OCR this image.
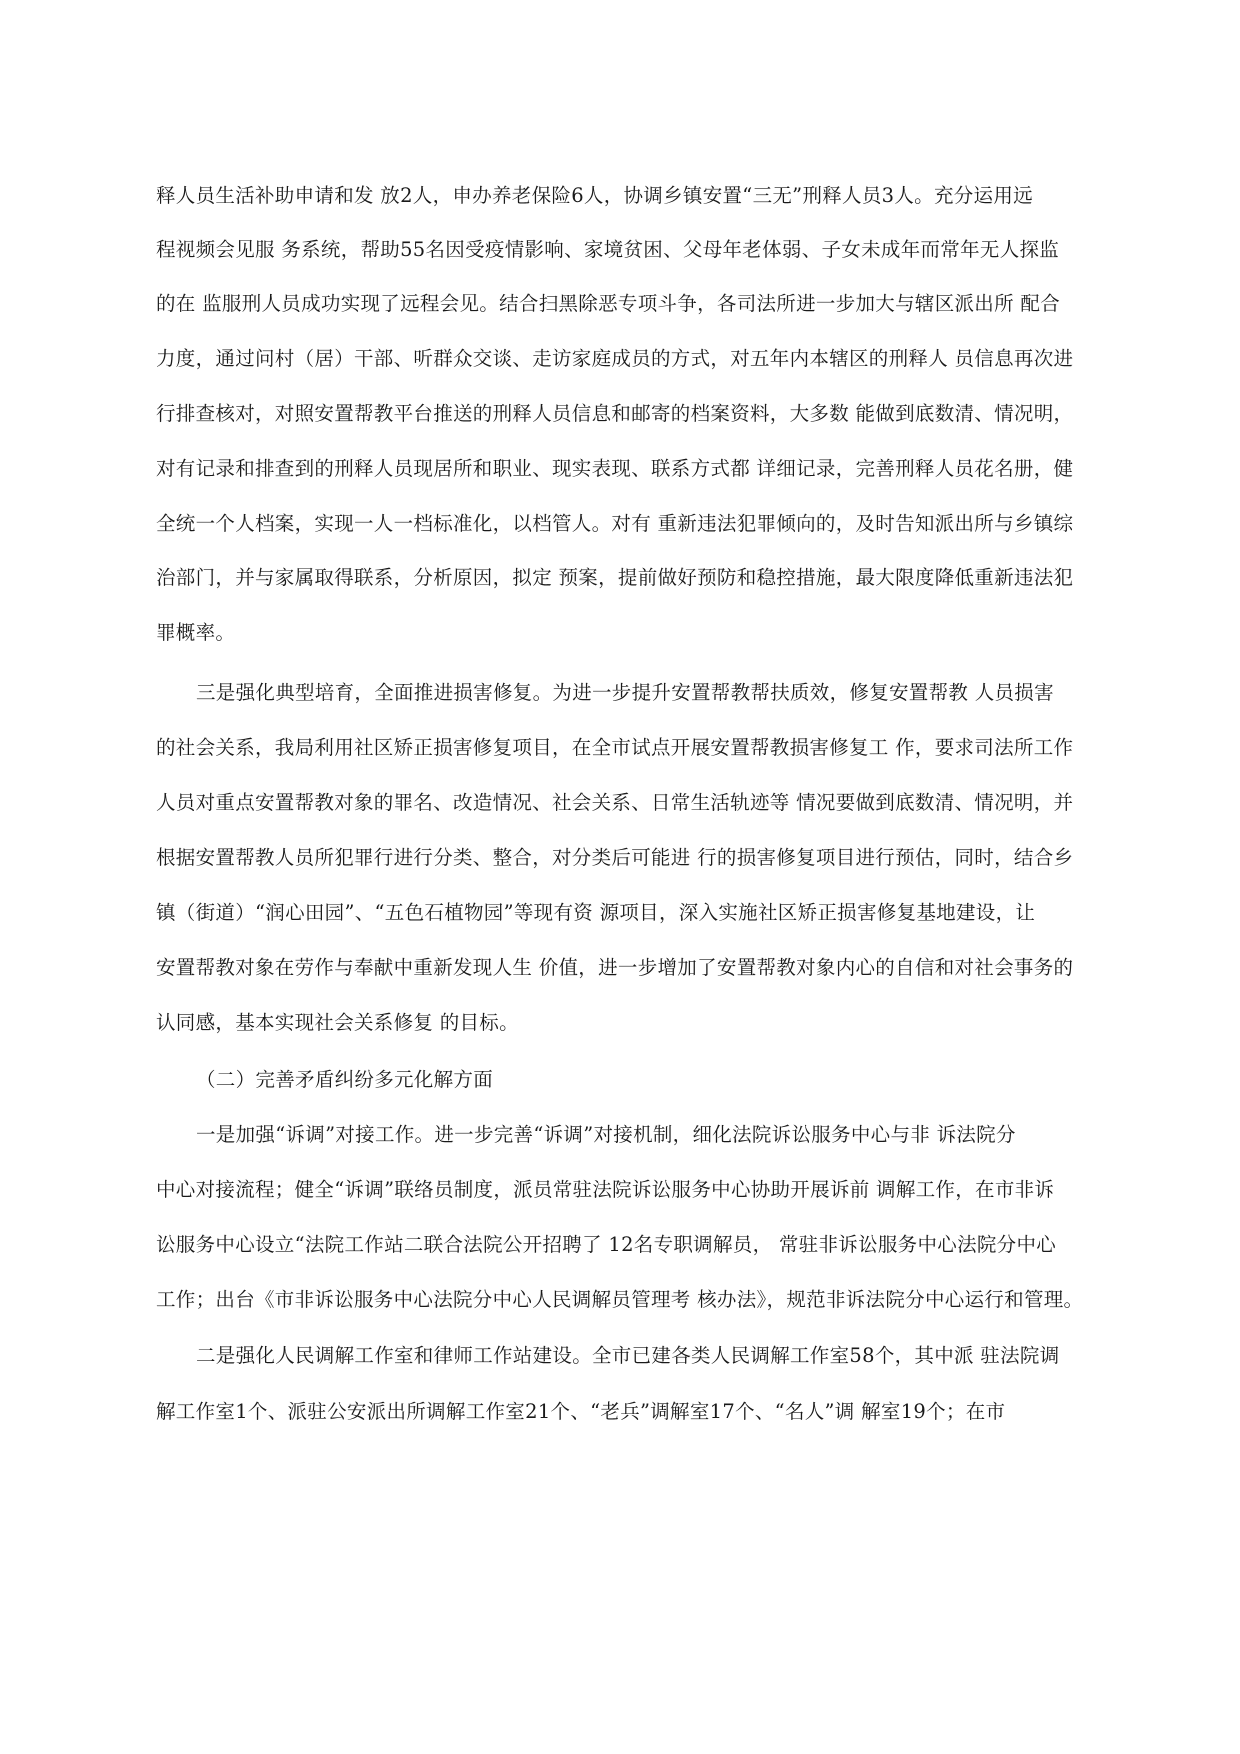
释人员生活补助申请和发 放2人，申办养老保险6人，协调乡镇安置“三无”刑释人员3人。充分运用远
程视频会见服 务系统，帮助55名因受疫情影响、家境贫困、父母年老体弱、子女未成年而常年无人探监
的在 监服刑人员成功实现了远程会见。结合扫黑除恶专项斗争，各司法所进一步加大与辖区派出所 配合
力度，通过问村（居）干部、听群众交谈、走访家庭成员的方式，对五年内本辖区的刑释人 员信息再次进
行排查核对，对照安置帮教平台推送的刑释人员信息和邮寄的档案资料，大多数 能做到底数清、情况明，
对有记录和排查到的刑释人员现居所和职业、现实表现、联系方式都 详细记录，完善刑释人员花名册，健
全统一个人档案，实现一人一档标准化，以档管人。对有 重新违法犯罪倾向的，及时告知派出所与乡镇综
治部门，并与家属取得联系，分析原因，拟定 预案，提前做好预防和稳控措施，最大限度降低重新违法犯
罪概率。
三是强化典型培育，全面推进损害修复。为进一步提升安置帮教帮扶质效，修复安置帮教 人员损害
的社会关系，我局利用社区矫正损害修复项目，在全市试点开展安置帮教损害修复工 作，要求司法所工作
人员对重点安置帮教对象的罪名、改造情况、社会关系、日常生活轨迹等 情况要做到底数清、情况明，并
根据安置帮教人员所犯罪行进行分类、整合，对分类后可能进 行的损害修复项目进行预估，同时，结合乡
镇（街道）“润心田园”、“五色石植物园”等现有资 源项目，深入实施社区矫正损害修复基地建设，让
安置帮教对象在劳作与奉献中重新发现人生 价值，进一步增加了安置帮教对象内心的自信和对社会事务的
认同感，基本实现社会关系修复 的目标。
（二）完善矛盾纠纷多元化解方面
一是加强“诉调”对接工作。进一步完善“诉调”对接机制，细化法院诉讼服务中心与非 诉法院分
中心对接流程；健全“诉调”联络员制度，派员常驻法院诉讼服务中心协助开展诉前 调解工作，在市非诉
讼服务中心设立“法院工作站二联合法院公开招聘了 12名专职调解员， 常驻非诉讼服务中心法院分中心
工作；出台《市非诉讼服务中心法院分中心人民调解员管理考 核办法》，规范非诉法院分中心运行和管理。
二是强化人民调解工作室和律师工作站建设。全市已建各类人民调解工作室58个，其中派 驻法院调
解工作室1个、派驻公安派出所调解工作室21个、“老兵”调解室17个、“名人”调 解室19个；在市
